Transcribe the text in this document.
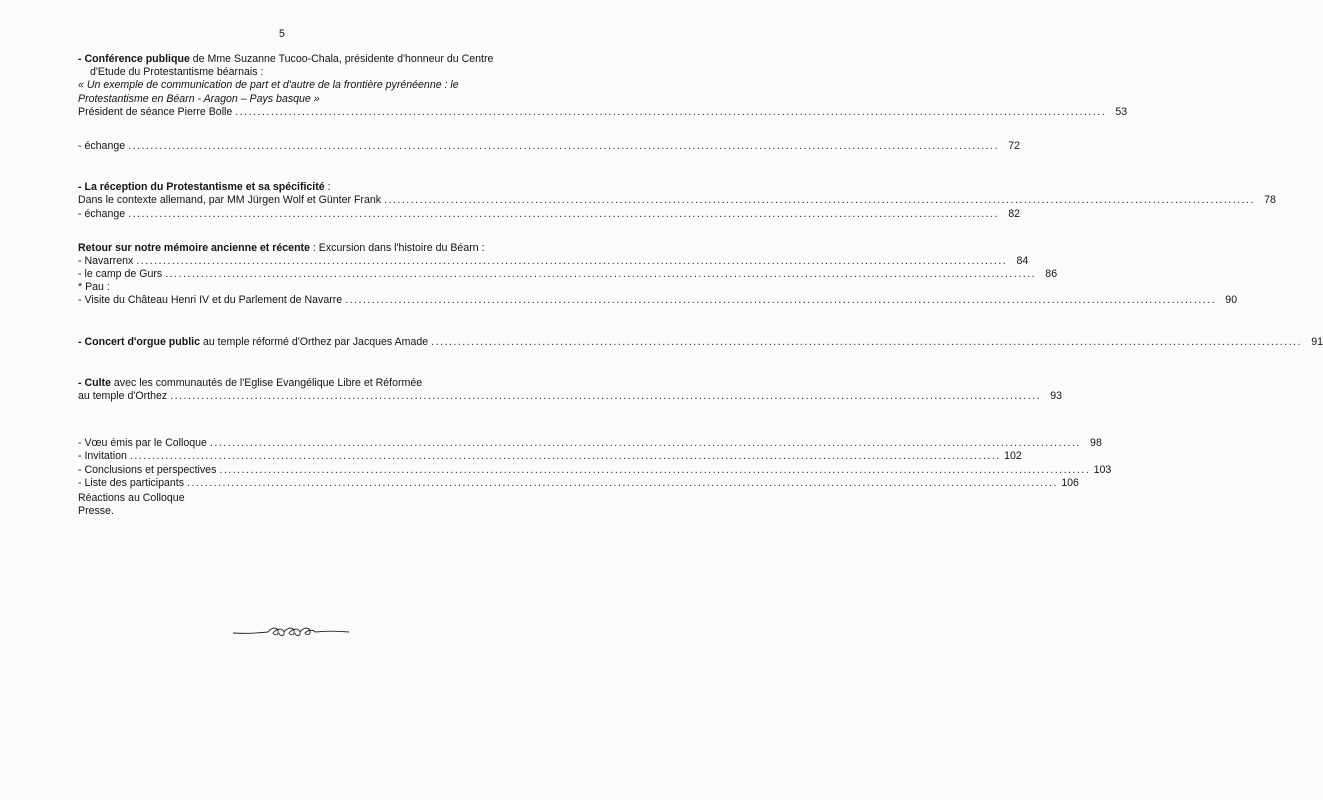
5
- Conférence publique de Mme Suzanne Tucoo-Chala, présidente d'honneur du Centre
d'Etude du Protestantisme béarnais :
« Un exemple de communication de part et d'autre de la frontière pyrénéenne : le
Protestantisme en Béarn - Aragon – Pays basque »
Président de séance Pierre Bolle .................................................................................................................................................................................................... 53
- échange .................................................................................................................................................................................................... 72
- La réception du Protestantisme et sa spécificité :
Dans le contexte allemand, par MM Jürgen Wolf et Günter Frank .................................................................................................................................................................................................... 78
- échange .................................................................................................................................................................................................... 82
Retour sur notre mémoire ancienne et récente : Excursion dans l'histoire du Béarn :
- Navarrenx .................................................................................................................................................................................................... 84
- le camp de Gurs .................................................................................................................................................................................................... 86
* Pau :
- Visite du Château Henri IV et du Parlement de Navarre .................................................................................................................................................................................................... 90
- Concert d'orgue public au temple réformé d'Orthez par Jacques Amade .................................................................................................................................................................................................... 91
- Culte avec les communautés de l'Eglise Evangélique Libre et Réformée
au temple d'Orthez .................................................................................................................................................................................................... 93
- Vœu émis par le Colloque .................................................................................................................................................................................................... 98
- Invitation .................................................................................................................................................................................................... 102
- Conclusions et perspectives .................................................................................................................................................................................................... 103
- Liste des participants .................................................................................................................................................................................................... 106
Réactions au Colloque
Presse.
